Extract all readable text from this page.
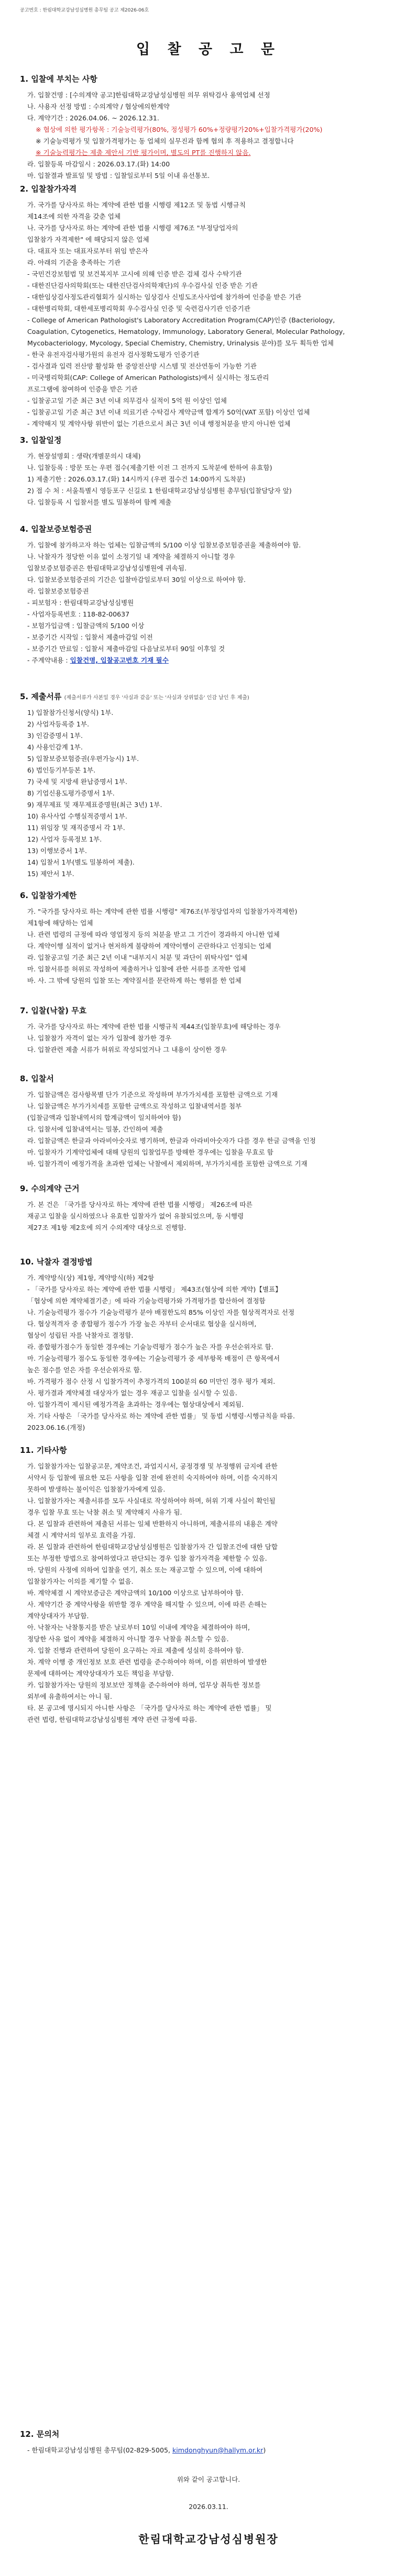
공고번호 : 한림대학교강남성심병원 총무팀 공고 제2026-06호
입 찰 공 고 문
1. 입찰에 부치는 사항

가. 입찰건명 : [수의계약 공고]한림대학교강남성심병원 의무 위탁검사 용역업체 선정

나. 사용자 선정 방법 : 수의계약 / 협상에의한계약

다. 계약기간 : 2026.04.06. ~ 2026.12.31.

※ 협상에 의한 평가항목 : 기술능력평가(80%, 정성평가 60%+정량평가20%+입찰가격평가(20%)

※ 기술능력평가 및 입찰가격평가는 동 업체의 실무진과 함께 협의 후 적용하고 결정합니다

※ 기술능력평가는 제출 제안서 기반 평가이며, 별도의 PT를 진행하지 않음.

라. 입찰등록 마감일시 : 2026.03.17.(화) 14:00

마. 입찰결과 발표일 및 방법 : 입찰일로부터 5일 이내 유선통보.

2. 입찰참가자격

가. 국가를 당사자로 하는 계약에 관한 법률 시행령 제12조 및 동법 시행규칙

제14조에 의한 자격을 갖춘 업체

나. 국가를 당사자로 하는 계약에 관한 법률 시행령 제76조 "부정당업자의

입찰참가 자격제한" 에 해당되지 않은 업체

다. 대표자 또는 대표자로부터 위임 받은자

라. 아래의 기준을 충족하는 기관

- 국민건강보험법 및 보건복지부 고시에 의해 인증 받은 검체 검사 수탁기관

- 대한진단검사의학회(또는 대한진단검사의학재단)의 우수검사실 인증 받은 기관

- 대한임상검사정도관리협회가 실시하는 임상검사 신빙도조사사업에 참가하여 인증을 받은 기관

- 대한병리학회, 대한세포병리학회 우수검사실 인증 및 숙련검사기관 인증기관

- College of American Pathologist's Laboratory Accreditation Program(CAP)인증 (Bacteriology,

Coagulation, Cytogenetics, Hematology, Immunology, Laboratory General, Molecular Pathology,

Mycobacteriology, Mycology, Special Chemistry, Chemistry, Urinalysis 분야)를 모두 획득한 업체

- 한국 유전자검사평가원의 유전자 검사정확도평가 인증기관

- 검사결과 입력 전산망 활성화 한 중앙전산망 시스템 및 전산연동이 가능한 기관

- 미국병리학회(CAP: College of American Pathologists)에서 실시하는 정도관리

프로그램에 참여하여 인증을 받은 기관

- 입찰공고일 기준 최근 3년 이내 의무검사 실적이 5억 원 이상인 업체

- 입찰공고일 기준 최근 3년 이내 의료기관 수탁검사 계약금액 합계가 50억(VAT 포함) 이상인 업체

- 계약해지 및 계약사항 위반이 없는 기관으로서 최근 3년 이내 행정처분을 받지 아니한 업체

3. 입찰일정

가. 현장설명회 : 생략(개별문의시 대체)

나. 입찰등록 : 방문 또는 우편 접수(제출기한 이전 그 전까지 도착분에 한하여 유효함)

1) 제출기한 : 2026.03.17.(화) 14시까지 (우편 접수건 14:00까지 도착분)

2) 접 수 처 : 서울특별시 영등포구 신길로 1 한림대학교강남성심병원 총무팀(입찰담당자 앞)

다. 입찰등록 시 입찰서를 별도 밀봉하여 함께 제출

4. 입찰보증보험증권

가. 입찰에 참가하고자 하는 업체는 입찰금액의 5/100 이상 입찰보증보험증권을 제출하여야 함.

나. 낙찰자가 정당한 이유 없이 소정기일 내 계약을 체결하지 아니할 경우

입찰보증보험증권은 한림대학교강남성심병원에 귀속됨.

다. 입찰보증보험증권의 기간은 입찰마감일로부터 30일 이상으로 하여야 함.

라. 입찰보증보험증권

- 피보험자 : 한림대학교강남성심병원

- 사업자등록번호 : 118-82-00637

- 보험가입금액 : 입찰금액의 5/100 이상

- 보증기간 시작일 : 입찰서 제출마감일 이전

- 보증기간 만료일 : 입찰서 제출마감일 다음날로부터 90일 이후일 것

- 주계약내용 : 입찰건명, 입찰공고번호 기재 필수

5. 제출서류 (제출서류가 사본일 경우 '사실과 같음' 또는 '사실과 상위없음' 인감 날인 후 제출)

1) 입찰참가신청서(양식) 1부.

2) 사업자등록증 1부.

3) 인감증명서 1부.

4) 사용인감계 1부.

5) 입찰보증보험증권(우편가능시) 1부.

6) 법인등기부등본 1부.

7) 국세 및 지방세 완납증명서 1부.

8) 기업신용도평가증명서 1부.

9) 재무제표 및 재무제표증명원(최근 3년) 1부.

10) 유사사업 수행실적증명서 1부.

11) 위임장 및 재직증명서 각 1부.

12) 사업자 등록정보 1부.

13) 이행보증서 1부.

14) 입찰서 1부(별도 밀봉하여 제출).

15) 제안서 1부.

6. 입찰참가제한

가. "국가를 당사자로 하는 계약에 관한 법률 시행령" 제76조(부정당업자의 입찰참가자격제한)

제1항에 해당하는 업체

나. 관련 법령의 규정에 따라 영업정지 등의 처분을 받고 그 기간이 경과하지 아니한 업체

다. 계약이행 실적이 없거나 현저하게 불량하여 계약이행이 곤란하다고 인정되는 업체

라. 입찰공고일 기준 최근 2년 이내 "내부지시 처분 및 과단이 위탁사업" 업체

마. 입찰서류를 허위로 작성하여 제출하거나 입찰에 관한 서류를 조작한 업체

바. 사. 그 밖에 당원의 입찰 또는 계약질서를 문란하게 하는 행위를 한 업체

7. 입찰(낙찰) 무효

가. 국가를 당사자로 하는 계약에 관한 법률 시행규칙 제44조(입찰무효)에 해당하는 경우

나. 입찰참가 자격이 없는 자가 입찰에 참가한 경우

다. 입찰관련 제출 서류가 허위로 작성되었거나 그 내용이 상이한 경우

8. 입찰서

가. 입찰금액은 검사항목별 단가 기준으로 작성하며 부가가치세를 포함한 금액으로 기재

나. 입찰금액은 부가가치세를 포함한 금액으로 작성하고 입찰내역서를 첨부

(입찰금액과 입찰내역서의 합계금액이 일치하여야 함)

다. 입찰서에 입찰내역서는 밀봉, 간인하여 제출

라. 입찰금액은 한글과 아라비아숫자로 병기하며, 한글과 아라비아숫자가 다를 경우 한글 금액을 인정

마. 입찰자가 기계약업체에 대해 당원의 입찰업무를 방해한 경우에는 입찰을 무효로 함

바. 입찰가격이 예정가격을 초과한 업체는 낙찰에서 제외하며, 부가가치세를 포함한 금액으로 기재

9. 수의계약 근거

가. 본 건은 「국가를 당사자로 하는 계약에 관한 법률 시행령」 제26조에 따른

재공고 입찰을 실시하였으나 유효한 입찰자가 없어 유찰되었으며, 동 시행령

제27조 제1항 제2호에 의거 수의계약 대상으로 진행함.

10. 낙찰자 결정방법

가. 계약방식(상) 제1항, 계약방식(하) 제2항

- 「국가를 당사자로 하는 계약에 관한 법률 시행령」 제43조(협상에 의한 계약)【별표】

「협상에 의한 계약체결기준」에 따라 기술능력평가와 가격평가를 합산하여 결정함

나. 기술능력평가 점수가 기술능력평가 분야 배점한도의 85% 이상인 자를 협상적격자로 선정

다. 협상적격자 중 종합평가 점수가 가장 높은 자부터 순서대로 협상을 실시하며,

협상이 성립된 자를 낙찰자로 결정함.

라. 종합평가점수가 동일한 경우에는 기술능력평가 점수가 높은 자를 우선순위자로 함.

마. 기술능력평가 점수도 동일한 경우에는 기술능력평가 중 세부항목 배점이 큰 항목에서

높은 점수를 얻은 자를 우선순위자로 함.

바. 가격평가 점수 산정 시 입찰가격이 추정가격의 100분의 60 미만인 경우 평가 제외.

사. 평가결과 계약체결 대상자가 없는 경우 재공고 입찰을 실시할 수 있음.

아. 입찰가격이 제시된 예정가격을 초과하는 경우에는 협상대상에서 제외됨.

자. 기타 사항은 「국가를 당사자로 하는 계약에 관한 법률」 및 동법 시행령·시행규칙을 따름.

2023.06.16.(개정)

11. 기타사항

가. 입찰참가자는 입찰공고문, 계약조건, 과업지시서, 공정경쟁 및 부정행위 금지에 관한

서약서 등 입찰에 필요한 모든 사항을 입찰 전에 완전히 숙지하여야 하며, 이를 숙지하지

못하여 발생하는 불이익은 입찰참가자에게 있음.

나. 입찰참가자는 제출서류를 모두 사실대로 작성하여야 하며, 허위 기재 사실이 확인될

경우 입찰 무효 또는 낙찰 취소 및 계약해지 사유가 됨.

다. 본 입찰과 관련하여 제출된 서류는 일체 반환하지 아니하며, 제출서류의 내용은 계약

체결 시 계약서의 일부로 효력을 가짐.

라. 본 입찰과 관련하여 한림대학교강남성심병원은 입찰참가자 간 입찰조건에 대한 담합

또는 부정한 방법으로 참여하였다고 판단되는 경우 입찰 참가자격을 제한할 수 있음.

마. 당원의 사정에 의하여 입찰을 연기, 취소 또는 재공고할 수 있으며, 이에 대하여

입찰참가자는 이의를 제기할 수 없음.

바. 계약체결 시 계약보증금은 계약금액의 10/100 이상으로 납부하여야 함.

사. 계약기간 중 계약사항을 위반할 경우 계약을 해지할 수 있으며, 이에 따른 손해는

계약상대자가 부담함.

아. 낙찰자는 낙찰통지를 받은 날로부터 10일 이내에 계약을 체결하여야 하며,

정당한 사유 없이 계약을 체결하지 아니할 경우 낙찰을 취소할 수 있음.

자. 입찰 진행과 관련하여 당원이 요구하는 자료 제출에 성실히 응하여야 함.

차. 계약 이행 중 개인정보 보호 관련 법령을 준수하여야 하며, 이를 위반하여 발생한

문제에 대하여는 계약상대자가 모든 책임을 부담함.

카. 입찰참가자는 당원의 정보보안 정책을 준수하여야 하며, 업무상 취득한 정보를

외부에 유출하여서는 아니 됨.

타. 본 공고에 명시되지 아니한 사항은 「국가를 당사자로 하는 계약에 관한 법률」 및

관련 법령, 한림대학교강남성심병원 계약 관련 규정에 따름.

12. 문의처

- 한림대학교강남성심병원 총무팀(02-829-5005, kimdonghyun@hallym.or.kr)

위와 같이 공고합니다.
2026.03.11.
한림대학교강남성심병원장
